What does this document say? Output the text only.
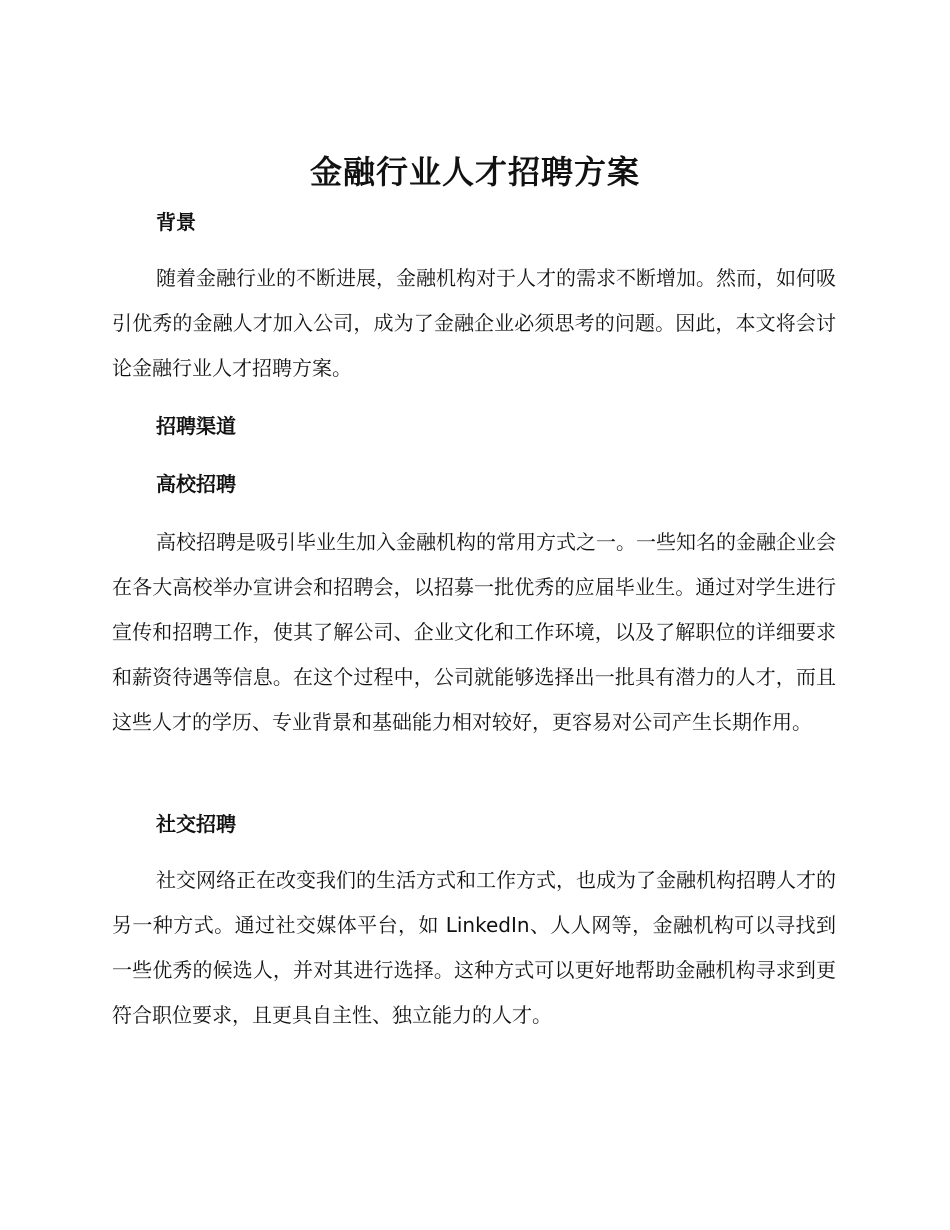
金融行业人才招聘方案
背景
随着金融行业的不断进展，金融机构对于人才的需求不断增加。然而，如何吸引优秀的金融人才加入公司，成为了金融企业必须思考的问题。因此，本文将会讨论金融行业人才招聘方案。
招聘渠道
高校招聘
高校招聘是吸引毕业生加入金融机构的常用方式之一。一些知名的金融企业会在各大高校举办宣讲会和招聘会，以招募一批优秀的应届毕业生。通过对学生进行宣传和招聘工作，使其了解公司、企业文化和工作环境，以及了解职位的详细要求和薪资待遇等信息。在这个过程中，公司就能够选择出一批具有潜力的人才，而且这些人才的学历、专业背景和基础能力相对较好，更容易对公司产生长期作用。
社交招聘
社交网络正在改变我们的生活方式和工作方式，也成为了金融机构招聘人才的另一种方式。通过社交媒体平台，如 LinkedIn、人人网等，金融机构可以寻找到一些优秀的候选人，并对其进行选择。这种方式可以更好地帮助金融机构寻求到更符合职位要求，且更具自主性、独立能力的人才。
